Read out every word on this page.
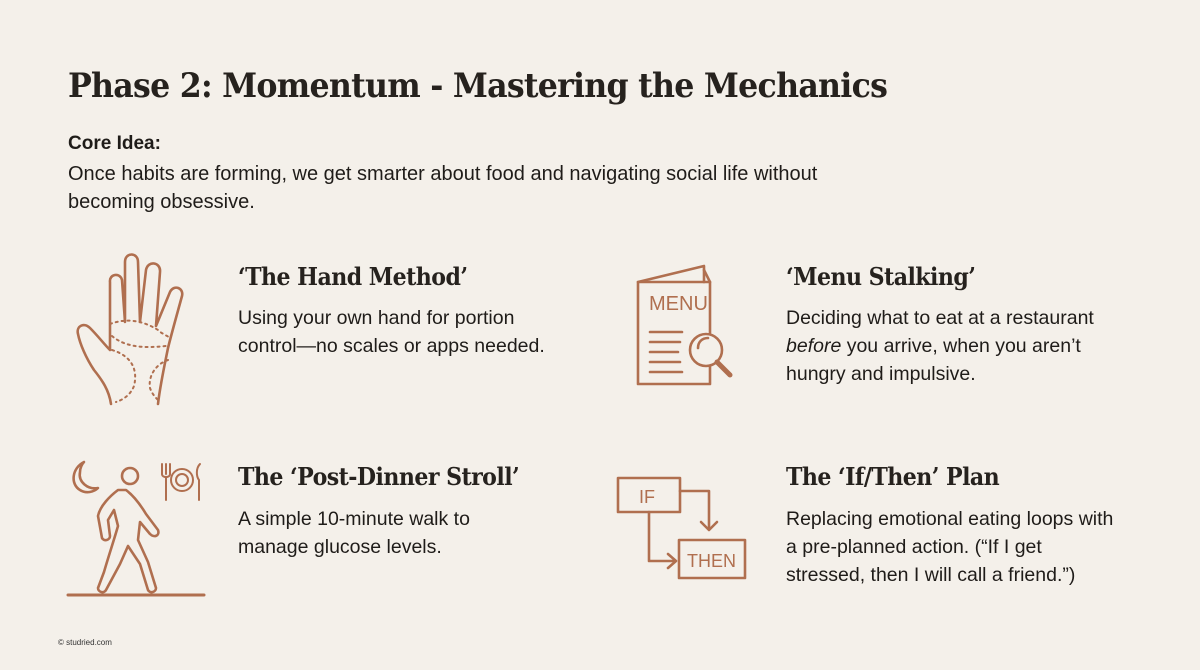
Phase 2: Momentum - Mastering the Mechanics
Core Idea:
Once habits are forming, we get smarter about food and navigating social life without becoming obsessive.
‘The Hand Method’

Using your own hand for portion control—no scales or apps needed.

MENU
‘Menu Stalking’

Deciding what to eat at a restaurant before you arrive, when you aren’t hungry and impulsive.

The ‘Post-Dinner Stroll’

A simple 10-minute walk to manage glucose levels.

IF
THEN
The ‘If/Then’ Plan

Replacing emotional eating loops with a pre-planned action. (“If I get stressed, then I will call a friend.”)

© studried.com
